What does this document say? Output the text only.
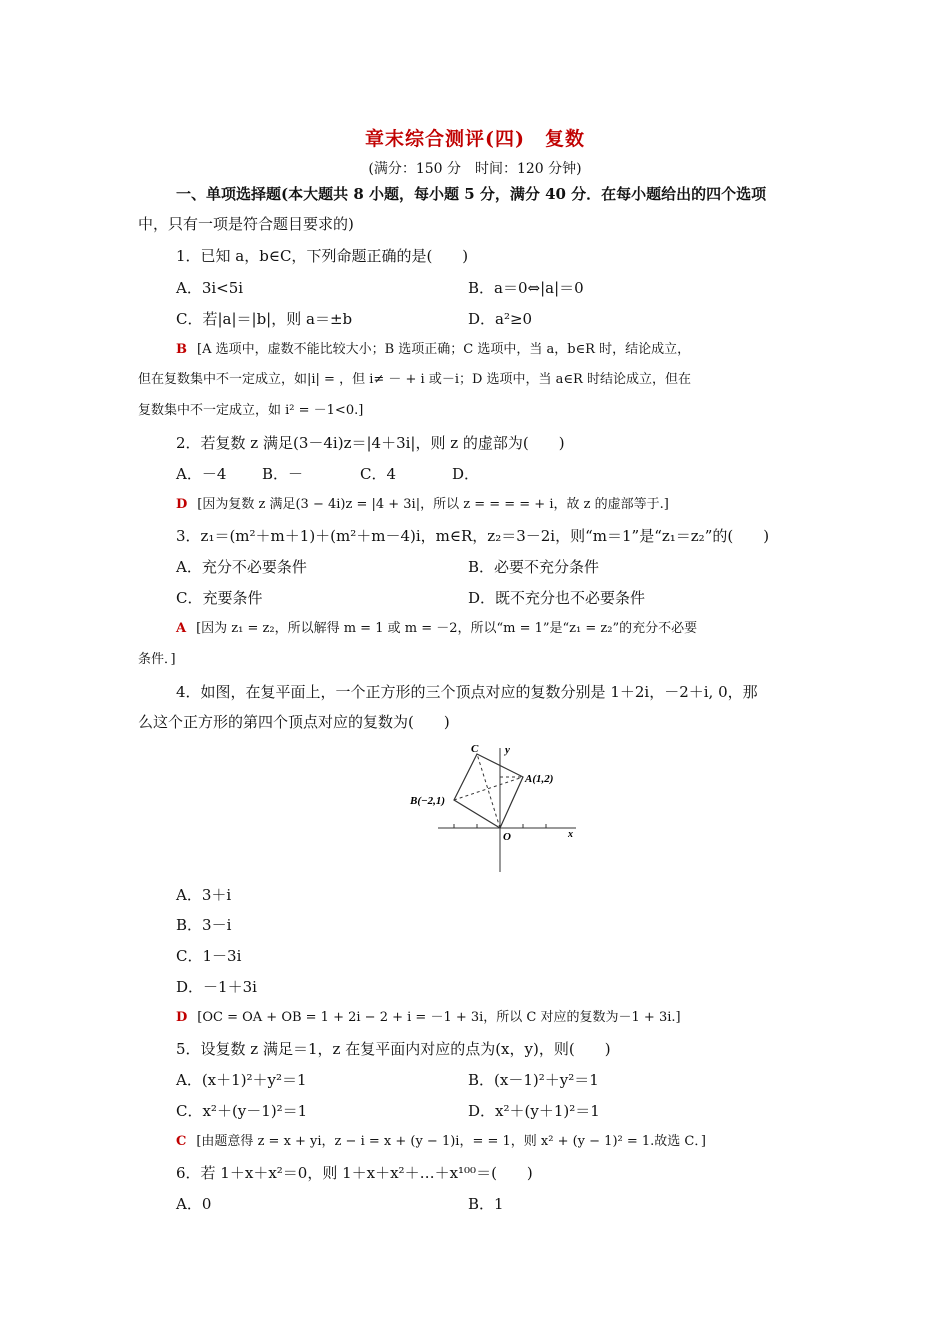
章末综合测评(四)　复数
(满分：150 分　时间：120 分钟)
一、单项选择题(本大题共 8 小题，每小题 5 分，满分 40 分．在每小题给出的四个选项
中，只有一项是符合题目要求的)
1．已知 a，b∈C，下列命题正确的是(　　)
A．3i<5i	B．a＝0⇔|a|＝0
C．若|a|＝|b|，则 a＝±b	D．a²≥0
B [A 选项中，虚数不能比较大小；B 选项正确；C 选项中，当 a，b∈R 时，结论成立，
但在复数集中不一定成立，如|i| = ，但 i≠ － + i 或－i；D 选项中，当 a∈R 时结论成立，但在
复数集中不一定成立，如 i² = －1<0.]
2．若复数 z 满足(3－4i)z＝|4＋3i|，则 z 的虚部为(　　)
A．－4 B．－	C．4	D．
D [因为复数 z 满足(3 − 4i)z = |4 + 3i|，所以 z = = = = + i，故 z 的虚部等于.]
3．z₁＝(m²＋m＋1)＋(m²＋m－4)i，m∈R，z₂＝3－2i，则“m＝1”是“z₁＝z₂”的(　　)
A．充分不必要条件	B．必要不充分条件
C．充要条件	D．既不充分也不必要条件
A [因为 z₁ = z₂，所以解得 m = 1 或 m = －2，所以“m = 1”是“z₁ = z₂”的充分不必要
条件．]
4．如图，在复平面上，一个正方形的三个顶点对应的复数分别是 1＋2i，－2＋i, 0，那
么这个正方形的第四个顶点对应的复数为(　　)
C y
A(1,2)
B(−2,1)
O	x
A．3＋i
B．3－i
C．1－3i
D．－1＋3i
D [OC = OA + OB = 1 + 2i − 2 + i = －1 + 3i，所以 C 对应的复数为－1 + 3i.]
5．设复数 z 满足＝1，z 在复平面内对应的点为(x，y)，则(　　)
A．(x＋1)²＋y²＝1	B．(x－1)²＋y²＝1
C．x²＋(y－1)²＝1	D．x²＋(y＋1)²＝1
C [由题意得 z = x + yi，z − i = x + (y − 1)i，= = 1，则 x² + (y − 1)² = 1.故选 C．]
6．若 1＋x＋x²＝0，则 1＋x＋x²＋…＋x¹⁰⁰＝(　　)
A．0	B．1
